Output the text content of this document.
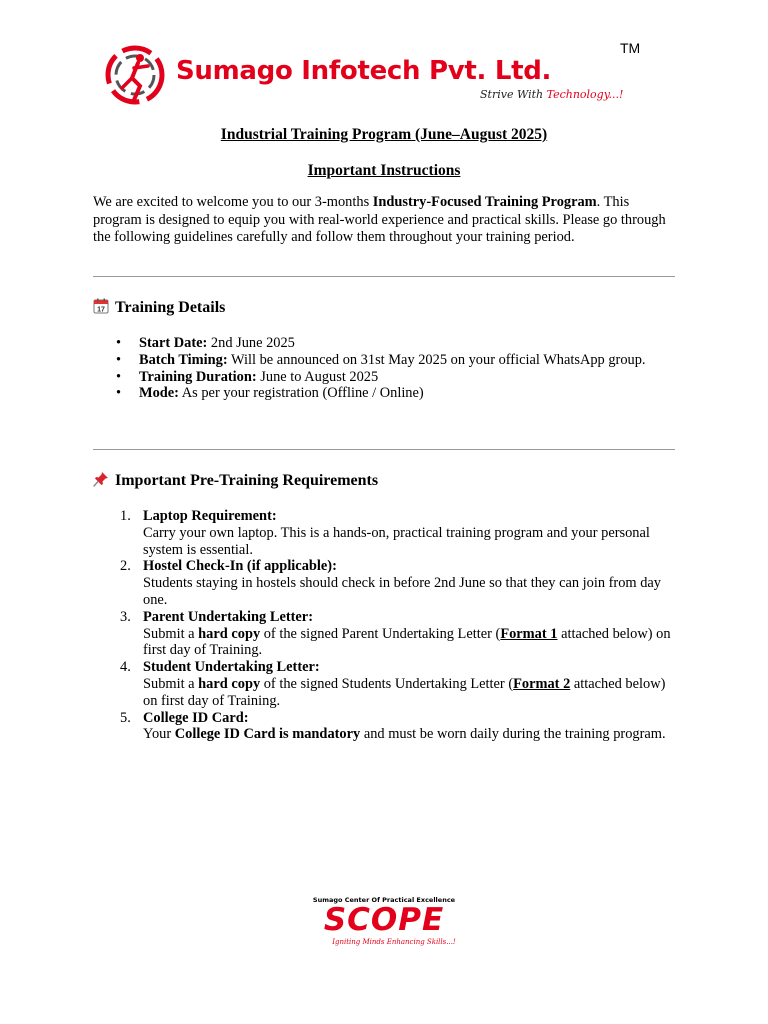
Sumago Infotech Pvt. Ltd.
TM
Strive With Technology...!
Industrial Training Program (June–August 2025)
Important Instructions
We are excited to welcome you to our 3-months Industry-Focused Training Program. This program is designed to equip you with real-world experience and practical skills. Please go through the following guidelines carefully and follow them throughout your training period.
17 Training Details
• Start Date: 2nd June 2025
• Batch Timing: Will be announced on 31st May 2025 on your official WhatsApp group.
• Training Duration: June to August 2025
• Mode: As per your registration (Offline / Online)
Important Pre-Training Requirements
1. Laptop Requirement:
Carry your own laptop. This is a hands-on, practical training program and your personal system is essential.
2. Hostel Check-In (if applicable):
Students staying in hostels should check in before 2nd June so that they can join from day one.
3. Parent Undertaking Letter:
Submit a hard copy of the signed Parent Undertaking Letter (Format 1 attached below) on first day of Training.
4. Student Undertaking Letter:
Submit a hard copy of the signed Students Undertaking Letter (Format 2 attached below) on first day of Training.
5. College ID Card:
Your College ID Card is mandatory and must be worn daily during the training program.
Sumago Center Of Practical Excellence
SCOPE
Igniting Minds Enhancing Skills...!
